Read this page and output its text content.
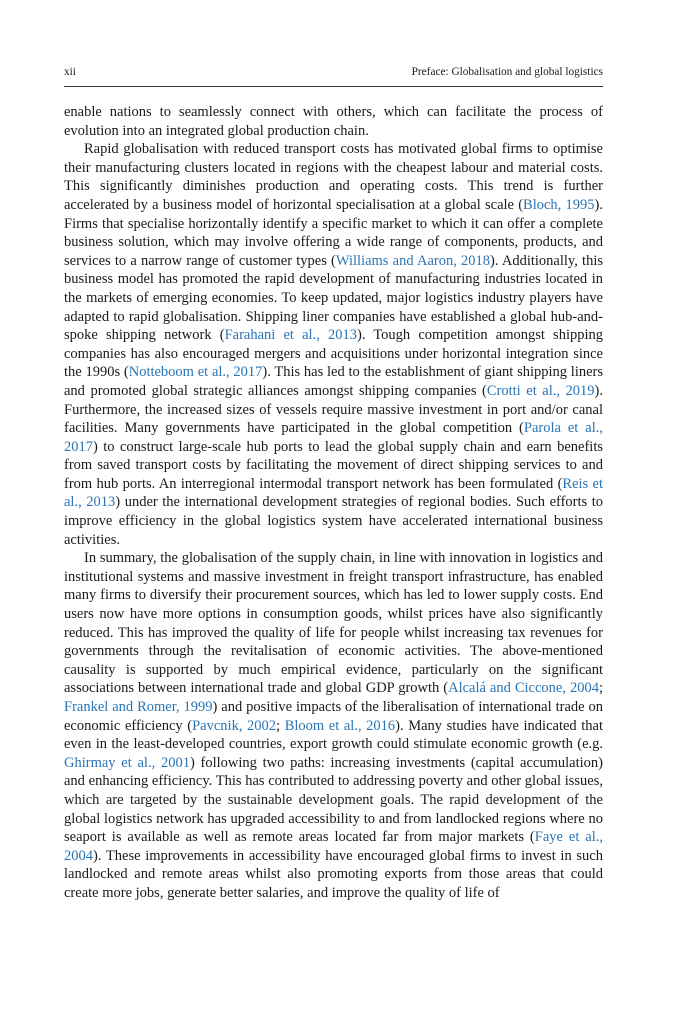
xii	Preface: Globalisation and global logistics

enable nations to seamlessly connect with others, which can facilitate the process of evolution into an integrated global production chain.

Rapid globalisation with reduced transport costs has motivated global firms to optimise their manufacturing clusters located in regions with the cheapest labour and material costs. This significantly diminishes production and operating costs. This trend is further accelerated by a business model of horizontal specialisation at a global scale (Bloch, 1995). Firms that specialise horizontally identify a specific market to which it can offer a complete business solution, which may involve offering a wide range of components, products, and services to a narrow range of customer types (Williams and Aaron, 2018). Additionally, this business model has promoted the rapid development of manufacturing industries located in the markets of emerging economies. To keep updated, major logistics industry players have adapted to rapid globalisation. Shipping liner companies have established a global hub-and-spoke shipping network (Farahani et al., 2013). Tough competition amongst shipping companies has also encouraged mergers and acquisitions under horizontal integration since the 1990s (Notteboom et al., 2017). This has led to the establishment of giant shipping liners and promoted global strategic alliances amongst shipping companies (Crotti et al., 2019). Furthermore, the increased sizes of vessels require massive investment in port and/or canal facilities. Many governments have participated in the global competition (Parola et al., 2017) to construct large-scale hub ports to lead the global supply chain and earn benefits from saved transport costs by facilitating the movement of direct shipping services to and from hub ports. An interregional intermodal transport network has been formulated (Reis et al., 2013) under the international development strategies of regional bodies. Such efforts to improve efficiency in the global logistics system have accelerated international business activities.

In summary, the globalisation of the supply chain, in line with innovation in logistics and institutional systems and massive investment in freight transport infrastructure, has enabled many firms to diversify their procurement sources, which has led to lower supply costs. End users now have more options in consumption goods, whilst prices have also significantly reduced. This has improved the quality of life for people whilst increasing tax revenues for governments through the revitalisation of economic activities. The above-mentioned causality is supported by much empirical evidence, particularly on the significant associations between international trade and global GDP growth (Alcalá and Ciccone, 2004; Frankel and Romer, 1999) and positive impacts of the liberalisation of international trade on economic efficiency (Pavcnik, 2002; Bloom et al., 2016). Many studies have indicated that even in the least-developed countries, export growth could stimulate economic growth (e.g. Ghirmay et al., 2001) following two paths: increasing investments (capital accumulation) and enhancing efficiency. This has contributed to addressing poverty and other global issues, which are targeted by the sustainable development goals. The rapid development of the global logistics network has upgraded accessibility to and from landlocked regions where no seaport is available as well as remote areas located far from major markets (Faye et al., 2004). These improvements in accessibility have encouraged global firms to invest in such landlocked and remote areas whilst also promoting exports from those areas that could create more jobs, generate better salaries, and improve the quality of life of
